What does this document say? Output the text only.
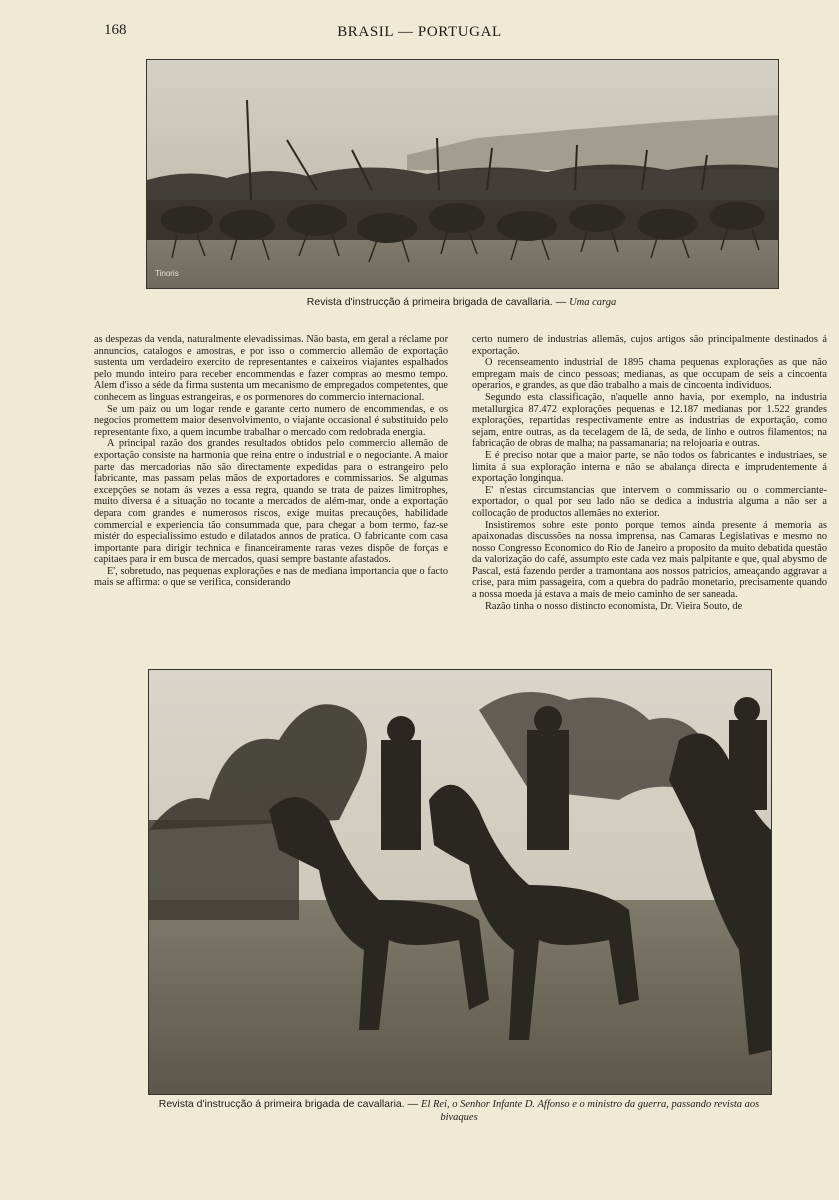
168	BRASIL — PORTUGAL
Tinoris
Revista d'instrucção á primeira brigada de cavallaria. — Uma carga

as despezas da venda, naturalmente elevadissimas. Não basta, em geral a réclame por annuncios, catalogos e amostras, e por isso o commercio allemão de exportação sustenta um verdadeiro exercito de representantes e caixeiros viajantes espalhados pelo mundo inteiro para receber encommendas e fazer compras ao mesmo tempo. Alem d'isso a séde da firma sustenta um mecanismo de empregados competentes, que conhecem as linguas estrangeiras, e os pormenores do commercio internacional.

Se um paiz ou um logar rende e garante certo numero de encommendas, e os negocios promettem maior desenvolvimento, o viajante occasional é substituido pelo representante fixo, a quem incumbe trabalhar o mercado com redobrada energia.

A principal razão dos grandes resultados obtidos pelo commercio allemão de exportação consiste na harmonia que reina entre o industrial e o negociante. A maior parte das mercadorias não são directamente expedidas para o estrangeiro pelo fabricante, mas passam pelas mãos de exportadores e commissarios. Se algumas excepções se notam ás vezes a essa regra, quando se trata de paizes limitrophes, muito diversa é a situação no tocante a mercados de além-mar, onde a exportação depara com grandes e numerosos riscos, exige muitas precauções, habilidade commercial e experiencia tão consummada que, para chegar a bom termo, faz-se mistér do especialissimo estudo e dilatados annos de pratica. O fabricante com casa importante para dirigir technica e financeiramente raras vezes dispõe de forças e capitaes para ir em busca de mercados, quasi sempre bastante afastados.

E', sobretudo, nas pequenas explorações e nas de mediana importancia que o facto mais se affirma: o que se verifica, considerando

certo numero de industrias allemãs, cujos artigos são principalmente destinados á exportação.

O recenseamento industrial de 1895 chama pequenas explorações as que não empregam mais de cinco pessoas; medianas, as que occupam de seis a cincoenta operarios, e grandes, as que dão trabalho a mais de cincoenta individuos.

Segundo esta classificação, n'aquelle anno havia, por exemplo, na industria metallurgica 87.472 explorações pequenas e 12.187 medianas por 1.522 grandes explorações, repartidas respectivamente entre as industrias de exportação, como sejam, entre outras, as da tecelagem de lã, de seda, de linho e outros filamentos; na fabricação de obras de malha; na passamanaria; na relojoaria e outras.

E é preciso notar que a maior parte, se não todos os fabricantes e industriaes, se limita á sua exploração interna e não se abalança directa e imprudentemente á exportação longinqua.

E' n'estas circumstancias que intervem o commissario ou o commerciante-exportador, o qual por seu lado não se dedica a industria alguma a não ser a collocação de productos allemães no exterior.

Insistiremos sobre este ponto porque temos ainda presente á memoria as apaixonadas discussões na nossa imprensa, nas Camaras Legislativas e mesmo no nosso Congresso Economico do Rio de Janeiro a proposito da muito debatida questão da valorização do café, assumpto este cada vez mais palpitante e que, qual abysmo de Pascal, está fazendo perder a tramontana aos nossos patricios, ameaçando aggravar a crise, para mim passageira, com a quebra do padrão monetario, precisamente quando a nossa moeda já estava a mais de meio caminho de ser saneada.

Razão tinha o nosso distincto economista, Dr. Vieira Souto, de

Revista d'instrucção á primeira brigada de cavallaria. — El Rei, o Senhor Infante D. Affonso e o ministro da guerra, passando revista aos bivaques
